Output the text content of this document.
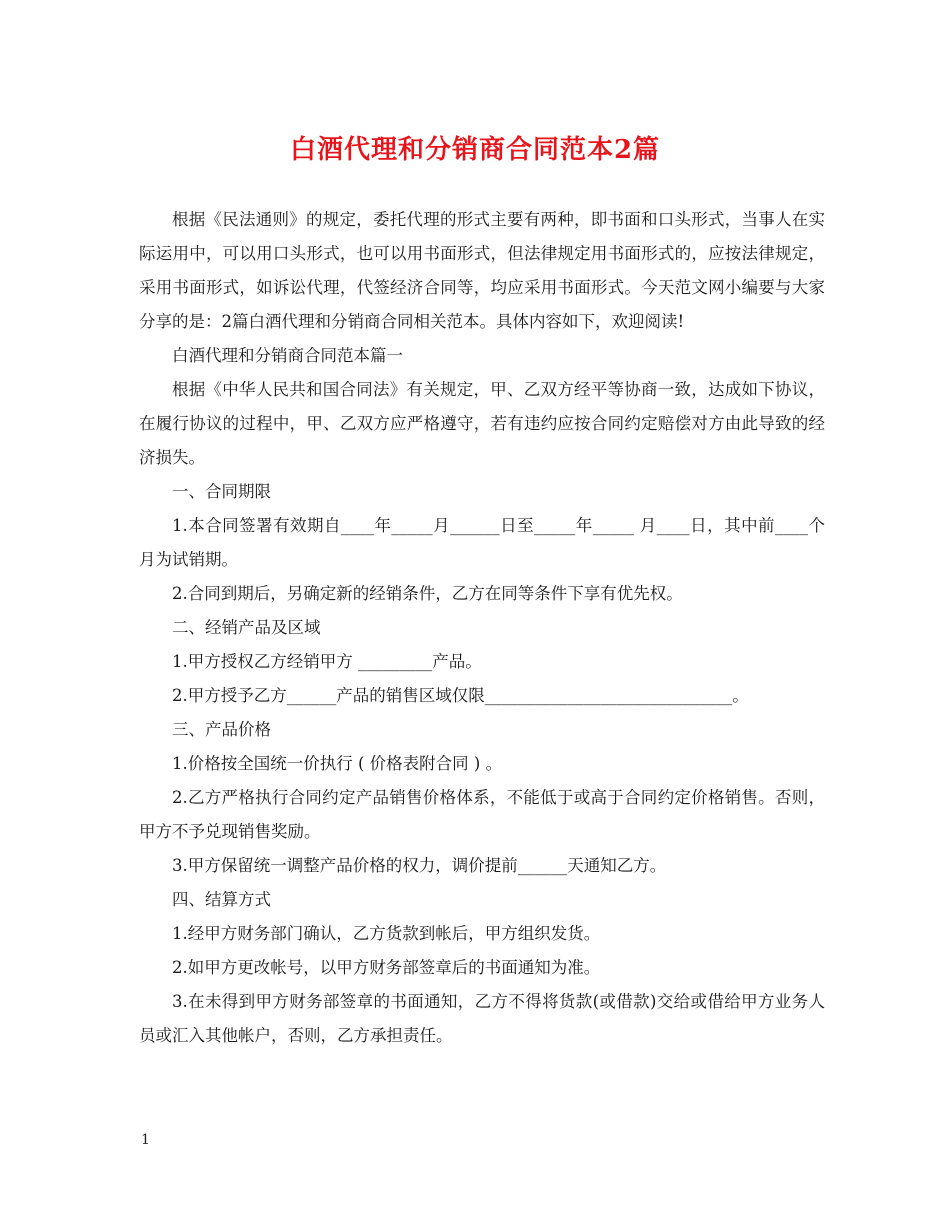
白酒代理和分销商合同范本2篇

根据《民法通则》的规定，委托代理的形式主要有两种，即书面和口头形式，当事人在实际运用中，可以用口头形式，也可以用书面形式，但法律规定用书面形式的，应按法律规定，采用书面形式，如诉讼代理，代签经济合同等，均应采用书面形式。今天范文网小编要与大家分享的是：2篇白酒代理和分销商合同相关范本。具体内容如下，欢迎阅读!

白酒代理和分销商合同范本篇一

根据《中华人民共和国合同法》有关规定，甲、乙双方经平等协商一致，达成如下协议，在履行协议的过程中，甲、乙双方应严格遵守，若有违约应按合同约定赔偿对方由此导致的经济损失。

一、合同期限

1.本合同签署有效期自____年_____月______日至_____年_____ 月____日，其中前____个月为试销期。

2.合同到期后，另确定新的经销条件，乙方在同等条件下享有优先权。

二、经销产品及区域

1.甲方授权乙方经销甲方 _________产品。

2.甲方授予乙方______产品的销售区域仅限______________________________。

三、产品价格

1.价格按全国统一价执行 ( 价格表附合同 ) 。

2.乙方严格执行合同约定产品销售价格体系，不能低于或高于合同约定价格销售。否则，甲方不予兑现销售奖励。

3.甲方保留统一调整产品价格的权力，调价提前______天通知乙方。

四、结算方式

1.经甲方财务部门确认，乙方货款到帐后，甲方组织发货。

2.如甲方更改帐号，以甲方财务部签章后的书面通知为准。

3.在未得到甲方财务部签章的书面通知，乙方不得将货款(或借款)交给或借给甲方业务人员或汇入其他帐户，否则，乙方承担责任。

1
